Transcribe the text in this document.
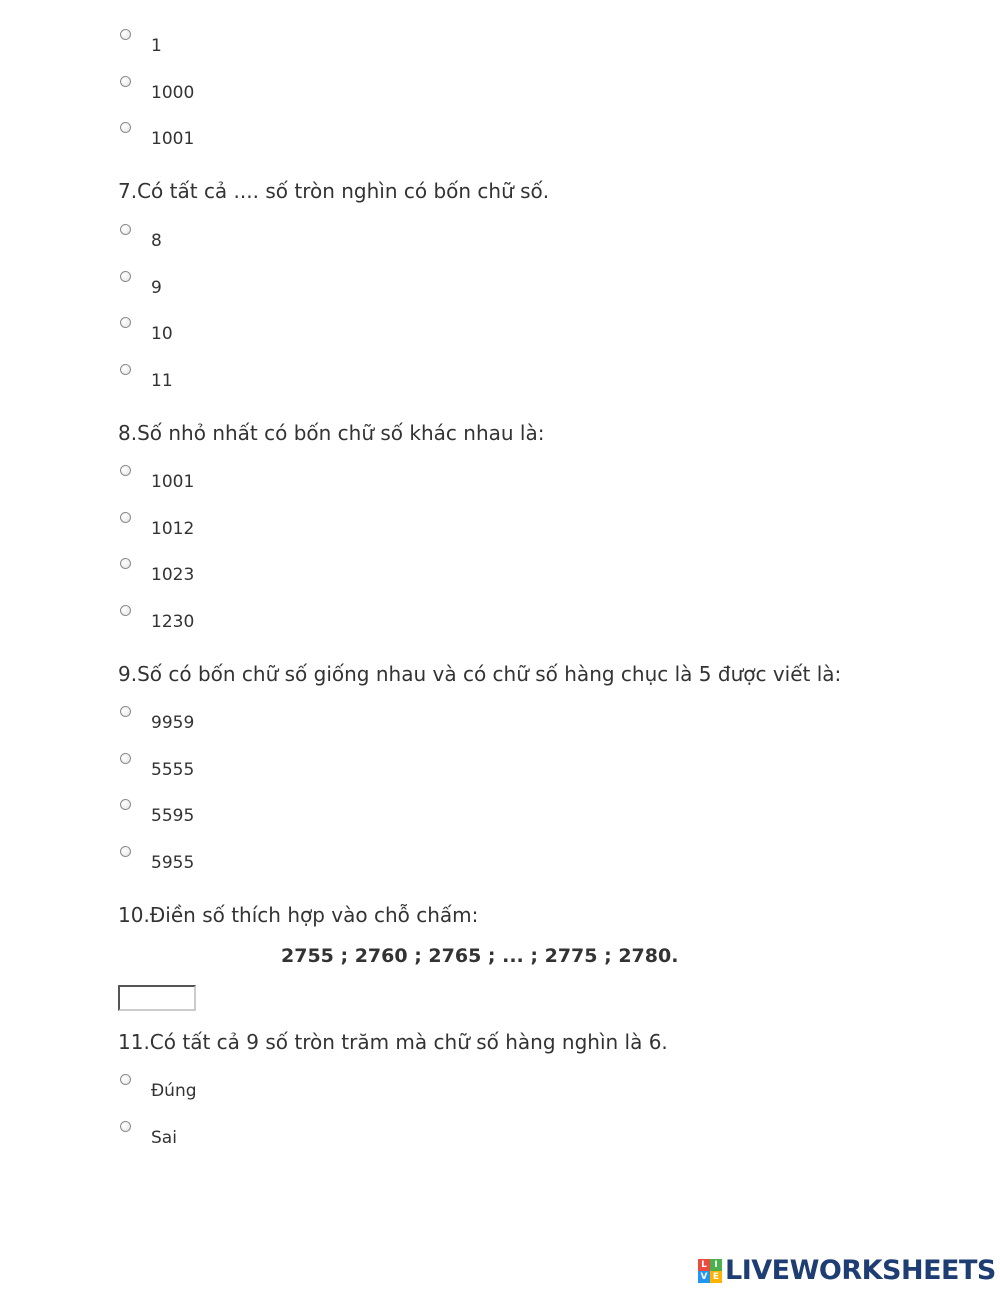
1
1000
1001
7.Có tất cả .... số tròn nghìn có bốn chữ số.
8
9
10
11
8.Số nhỏ nhất có bốn chữ số khác nhau là:
1001
1012
1023
1230
9.Số có bốn chữ số giống nhau và có chữ số hàng chục là 5 được viết là:
9959
5555
5595
5955
10.Điền số thích hợp vào chỗ chấm:
2755 ; 2760 ; 2765 ; ... ; 2775 ; 2780.
11.Có tất cả 9 số tròn trăm mà chữ số hàng nghìn là 6.
Đúng
Sai
L I
V E LIVEWORKSHEETS
